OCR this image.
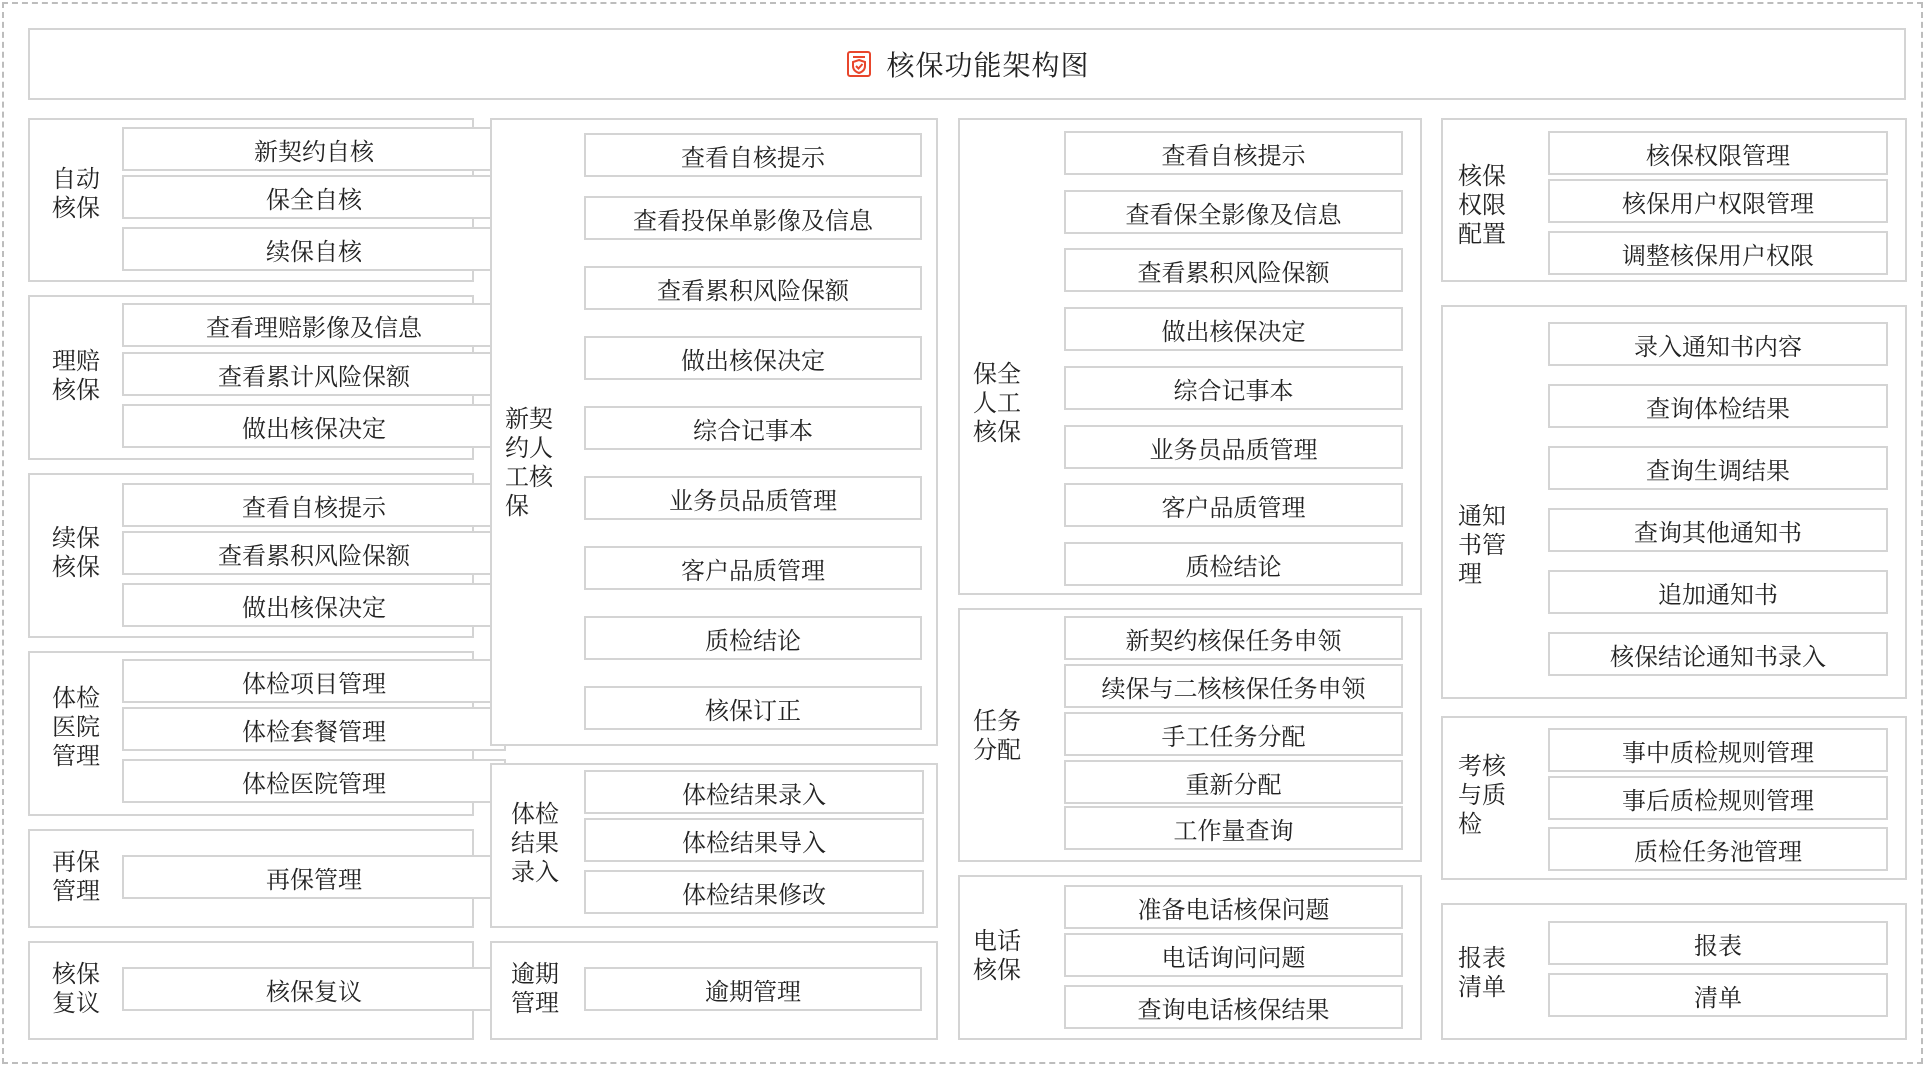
核保功能架构图
自动
核保
新契约自核
保全自核
续保自核
理赔
核保
查看理赔影像及信息
查看累计风险保额
做出核保决定
续保
核保
查看自核提示
查看累积风险保额
做出核保决定
体检
医院
管理
体检项目管理
体检套餐管理
体检医院管理
再保
管理	再保管理
核保
复议	核保复议
新契
约人
工核
保
查看自核提示
查看投保单影像及信息
查看累积风险保额
做出核保决定
综合记事本
业务员品质管理
客户品质管理
质检结论
核保订正
体检
结果
录入
体检结果录入
体检结果导入
体检结果修改
逾期
管理	逾期管理
保全
人工
核保
查看自核提示
查看保全影像及信息
查看累积风险保额
做出核保决定
综合记事本
业务员品质管理
客户品质管理
质检结论
任务
分配
新契约核保任务申领
续保与二核核保任务申领
手工任务分配
重新分配
工作量查询
电话
核保
准备电话核保问题
电话询问问题
查询电话核保结果
核保
权限
配置
核保权限管理
核保用户权限管理
调整核保用户权限
通知
书管
理
录入通知书内容
查询体检结果
查询生调结果
查询其他通知书
追加通知书
核保结论通知书录入
考核
与质
检
事中质检规则管理
事后质检规则管理
质检任务池管理
报表
清单
报表
清单
